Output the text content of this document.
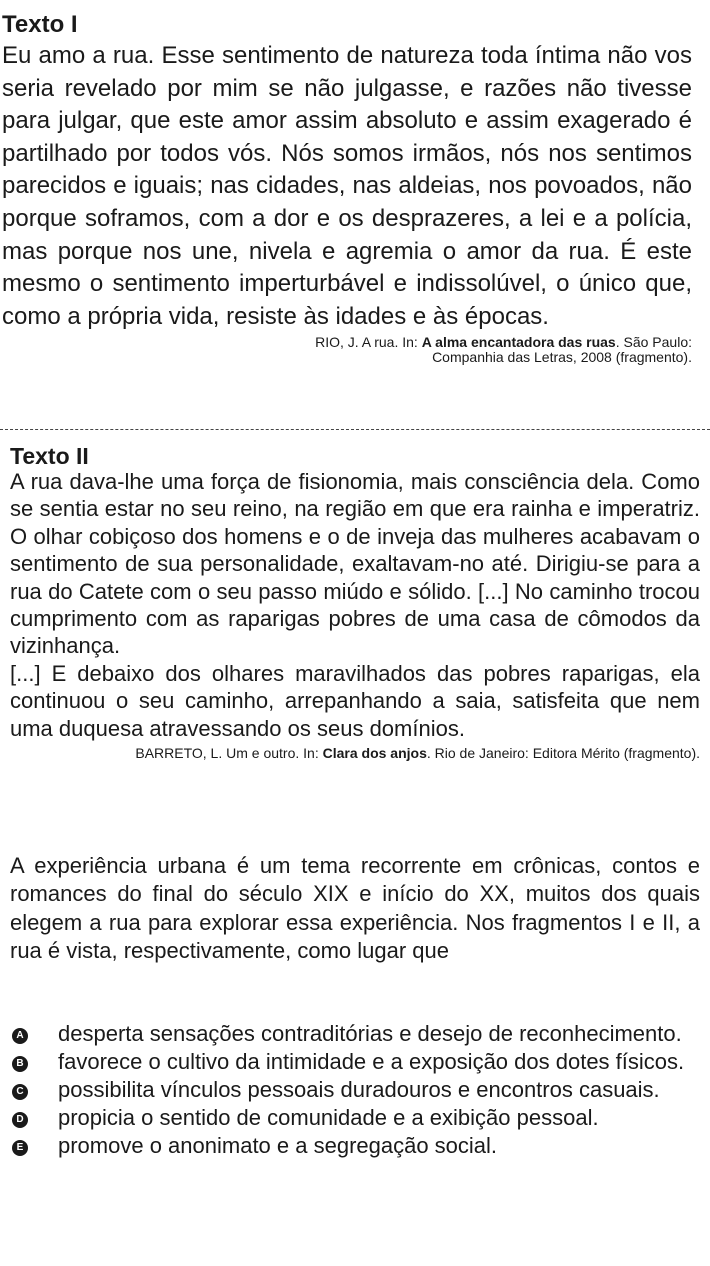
Texto I
Eu amo a rua. Esse sentimento de natureza toda íntima não vos seria revelado por mim se não julgasse, e razões não tivesse para julgar, que este amor assim absoluto e assim exagerado é partilhado por todos vós. Nós somos irmãos, nós nos sentimos parecidos e iguais; nas cidades, nas aldeias, nos povoados, não porque soframos, com a dor e os desprazeres, a lei e a polícia, mas porque nos une, nivela e agremia o amor da rua. É este mesmo o sentimento imperturbável e indissolúvel, o único que, como a própria vida, resiste às idades e às épocas.
RIO, J. A rua. In: A alma encantadora das ruas. São Paulo:
Companhia das Letras, 2008 (fragmento).
Texto II
A rua dava-lhe uma força de fisionomia, mais consciência dela. Como se sentia estar no seu reino, na região em que era rainha e imperatriz. O olhar cobiçoso dos homens e o de inveja das mulheres acabavam o sentimento de sua personalidade, exaltavam-no até. Dirigiu-se para a rua do Catete com o seu passo miúdo e sólido. [...] No caminho trocou cumprimento com as raparigas pobres de uma casa de cômodos da vizinhança.
[...] E debaixo dos olhares maravilhados das pobres raparigas, ela continuou o seu caminho, arrepanhando a saia, satisfeita que nem uma duquesa atravessando os seus domínios.
BARRETO, L. Um e outro. In: Clara dos anjos. Rio de Janeiro: Editora Mérito (fragmento).
A experiência urbana é um tema recorrente em crônicas, contos e romances do final do século XIX e início do XX, muitos dos quais elegem a rua para explorar essa experiência. Nos fragmentos I e II, a rua é vista, respectivamente, como lugar que
A desperta sensações contraditórias e desejo de reconhecimento.
B favorece o cultivo da intimidade e a exposição dos dotes físicos.
C possibilita vínculos pessoais duradouros e encontros casuais.
D propicia o sentido de comunidade e a exibição pessoal.
E promove o anonimato e a segregação social.
